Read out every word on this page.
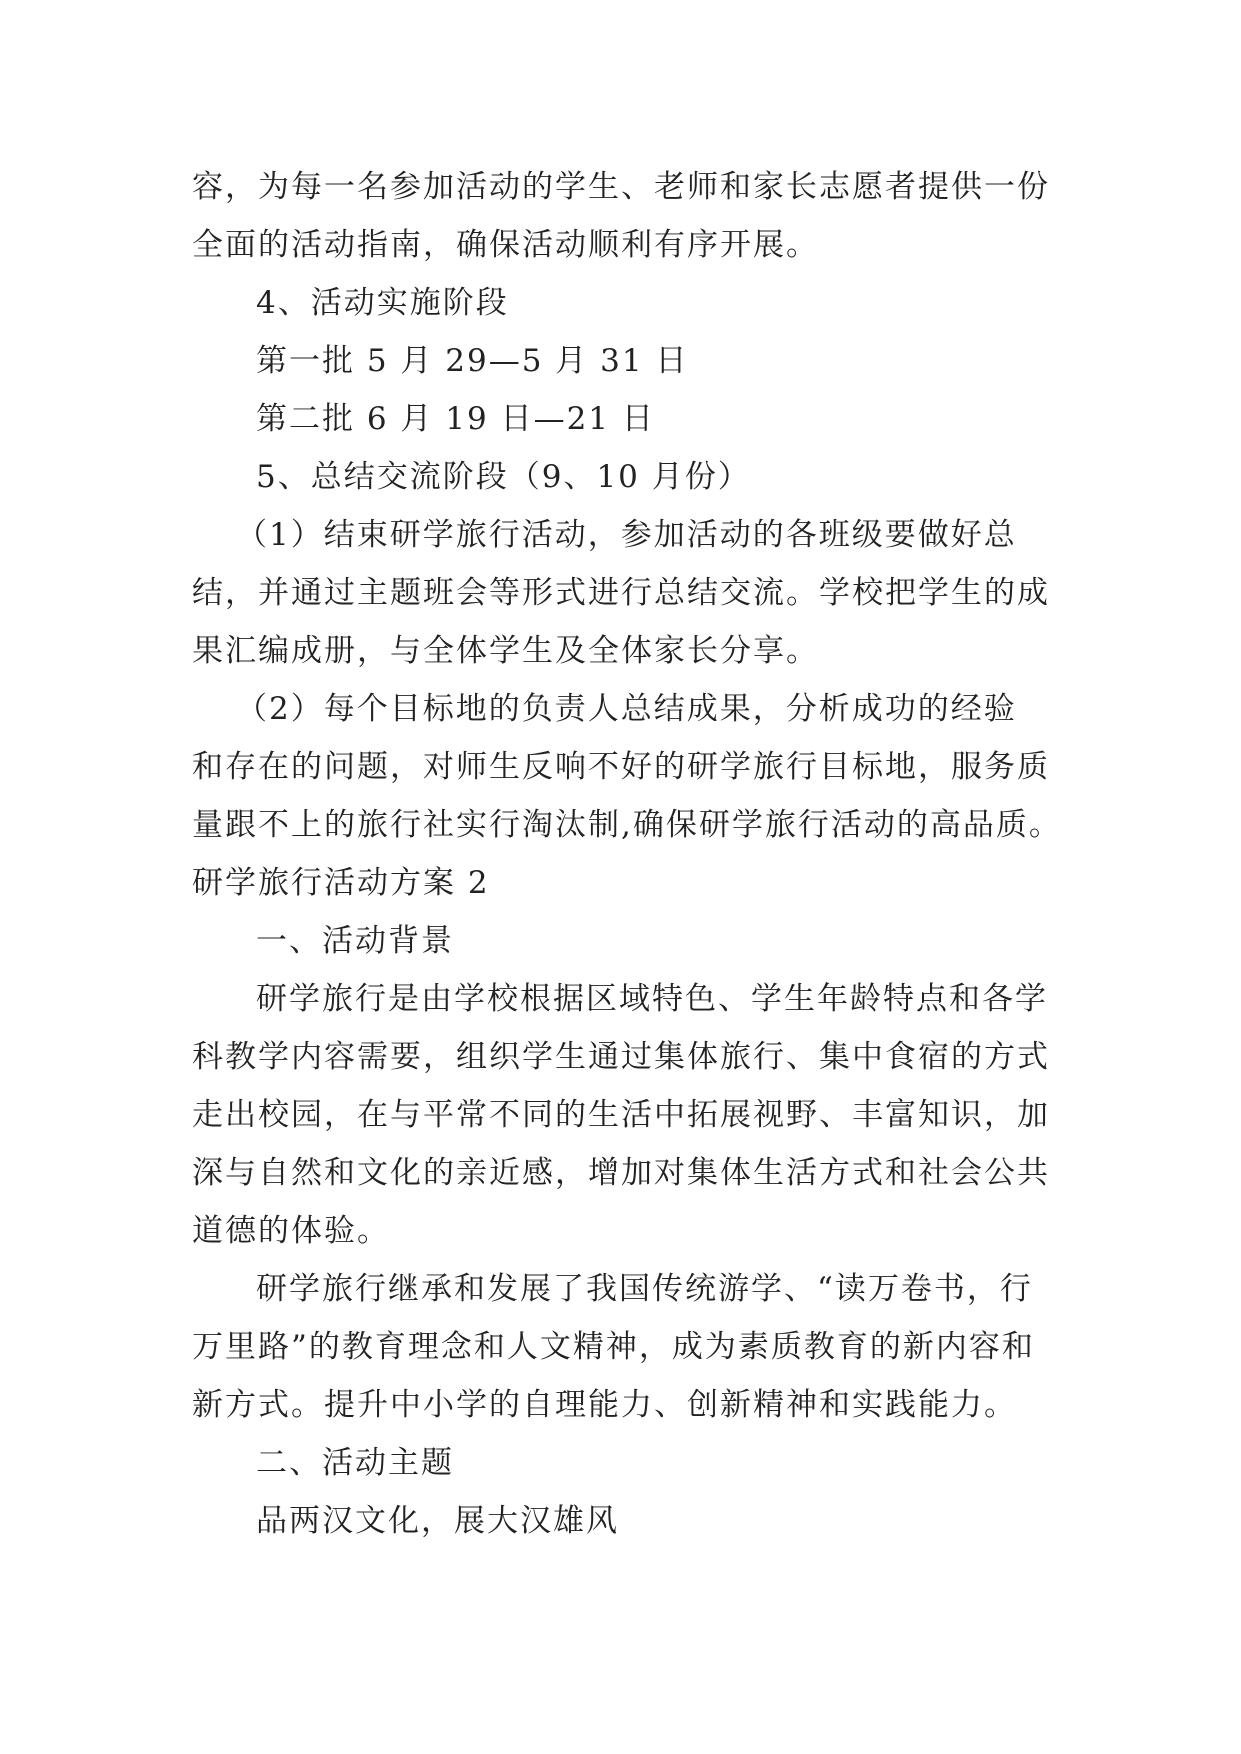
容，为每一名参加活动的学生、老师和家长志愿者提供一份
全面的活动指南，确保活动顺利有序开展。
4、活动实施阶段
第一批 5 月 29—5 月 31 日
第二批 6 月 19 日—21 日
5、总结交流阶段（9、10 月份）
（1）结束研学旅行活动，参加活动的各班级要做好总
结，并通过主题班会等形式进行总结交流。学校把学生的成
果汇编成册，与全体学生及全体家长分享。
（2）每个目标地的负责人总结成果，分析成功的经验
和存在的问题，对师生反响不好的研学旅行目标地，服务质
量跟不上的旅行社实行淘汰制,确保研学旅行活动的高品质。
研学旅行活动方案 2
一、活动背景
研学旅行是由学校根据区域特色、学生年龄特点和各学
科教学内容需要，组织学生通过集体旅行、集中食宿的方式
走出校园，在与平常不同的生活中拓展视野、丰富知识，加
深与自然和文化的亲近感，增加对集体生活方式和社会公共
道德的体验。
研学旅行继承和发展了我国传统游学、“读万卷书，行
万里路”的教育理念和人文精神，成为素质教育的新内容和
新方式。提升中小学的自理能力、创新精神和实践能力。
二、活动主题
品两汉文化，展大汉雄风
